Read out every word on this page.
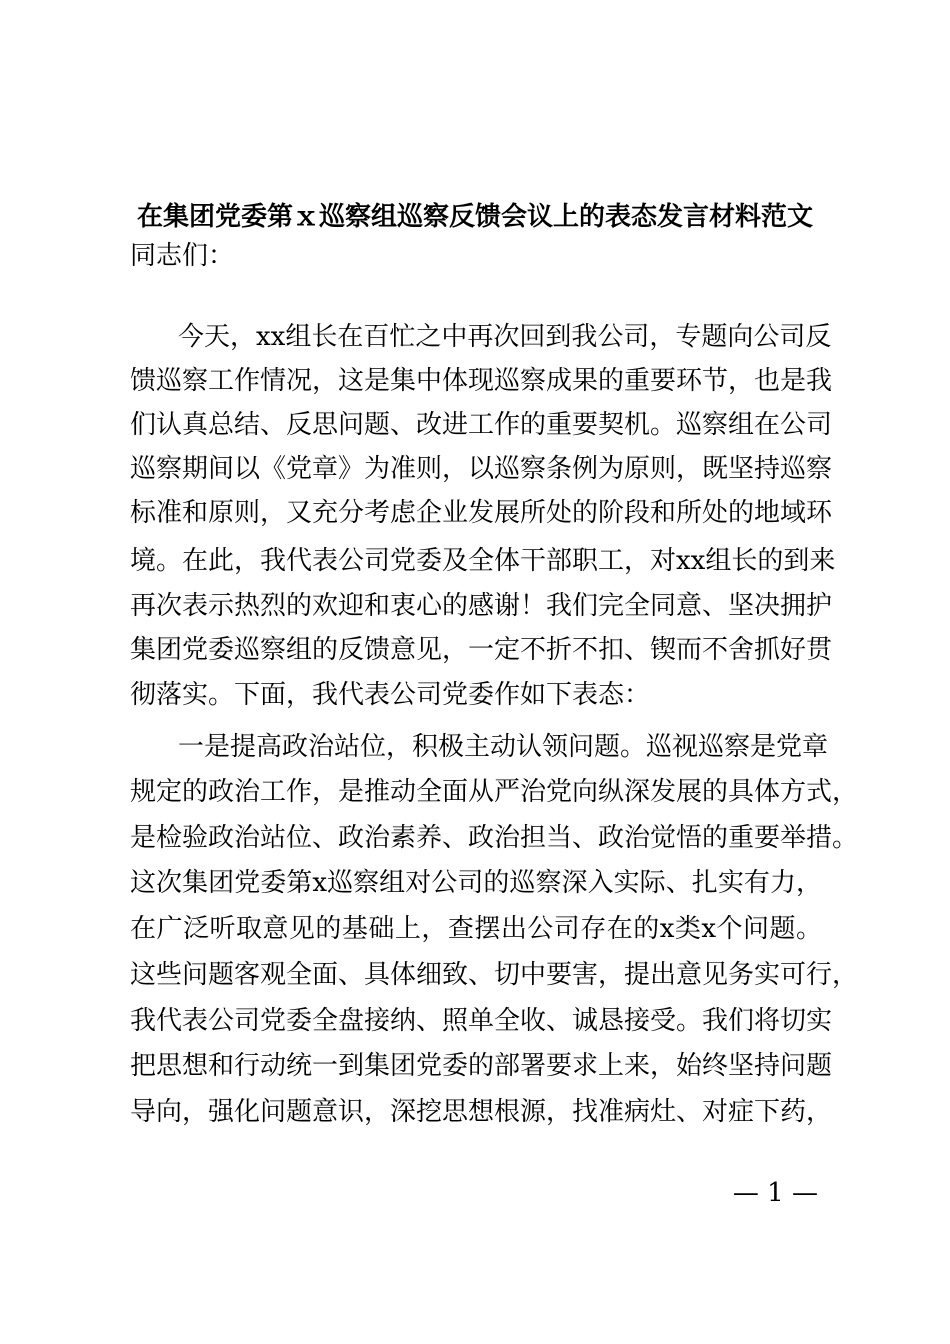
在集团党委第ｘ巡察组巡察反馈会议上的表态发言材料范文
同志们：
今天，xx组长在百忙之中再次回到我公司，专题向公司反
馈巡察工作情况，这是集中体现巡察成果的重要环节，也是我
们认真总结、反思问题、改进工作的重要契机。巡察组在公司
巡察期间以《党章》为准则，以巡察条例为原则，既坚持巡察
标准和原则，又充分考虑企业发展所处的阶段和所处的地域环
境。在此，我代表公司党委及全体干部职工，对xx组长的到来
再次表示热烈的欢迎和衷心的感谢！我们完全同意、坚决拥护
集团党委巡察组的反馈意见，一定不折不扣、锲而不舍抓好贯
彻落实。下面，我代表公司党委作如下表态：
一是提高政治站位，积极主动认领问题。巡视巡察是党章
规定的政治工作，是推动全面从严治党向纵深发展的具体方式，
是检验政治站位、政治素养、政治担当、政治觉悟的重要举措。
这次集团党委第x巡察组对公司的巡察深入实际、扎实有力，
在广泛听取意见的基础上，查摆出公司存在的x类x个问题。
这些问题客观全面、具体细致、切中要害，提出意见务实可行，
我代表公司党委全盘接纳、照单全收、诚恳接受。我们将切实
把思想和行动统一到集团党委的部署要求上来，始终坚持问题
导向，强化问题意识，深挖思想根源，找准病灶、对症下药，
— 1 —
